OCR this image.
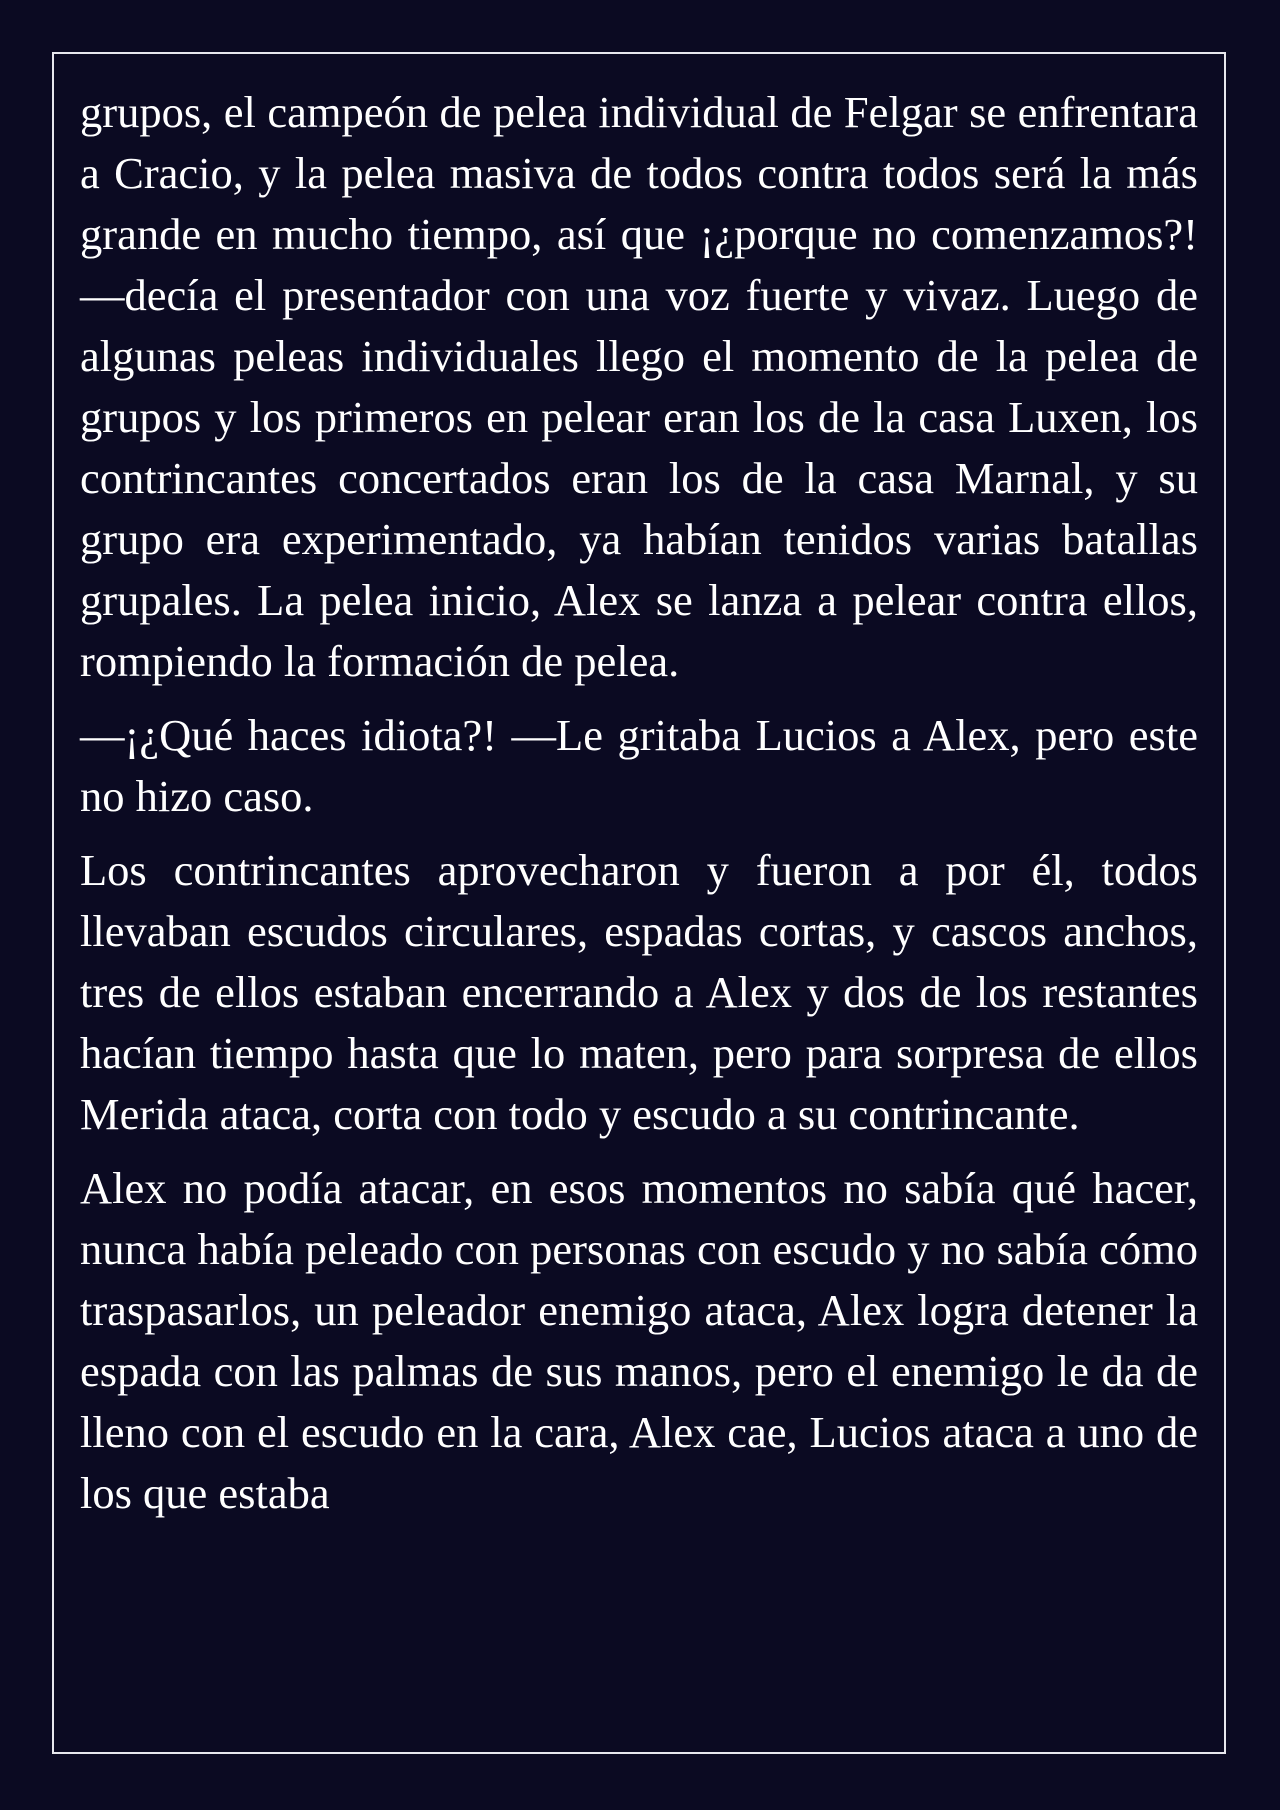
grupos, el campeón de pelea individual de Felgar se enfrentara a Cracio, y la pelea masiva de todos contra todos será la más grande en mucho tiempo, así que ¡¿porque no comenzamos?! —decía el presentador con una voz fuerte y vivaz. Luego de algunas peleas individuales llego el momento de la pelea de grupos y los primeros en pelear eran los de la casa Luxen, los contrincantes concertados eran los de la casa Marnal, y su grupo era experimentado, ya habían tenidos varias batallas grupales. La pelea inicio, Alex se lanza a pelear contra ellos, rompiendo la formación de pelea.

—¡¿Qué haces idiota?! —Le gritaba Lucios a Alex, pero este no hizo caso.

Los contrincantes aprovecharon y fueron a por él, todos llevaban escudos circulares, espadas cortas, y cascos anchos, tres de ellos estaban encerrando a Alex y dos de los restantes hacían tiempo hasta que lo maten, pero para sorpresa de ellos Merida ataca, corta con todo y escudo a su contrincante.

Alex no podía atacar, en esos momentos no sabía qué hacer, nunca había peleado con personas con escudo y no sabía cómo traspasarlos, un peleador enemigo ataca, Alex logra detener la espada con las palmas de sus manos, pero el enemigo le da de lleno con el escudo en la cara, Alex cae, Lucios ataca a uno de los que estaba
